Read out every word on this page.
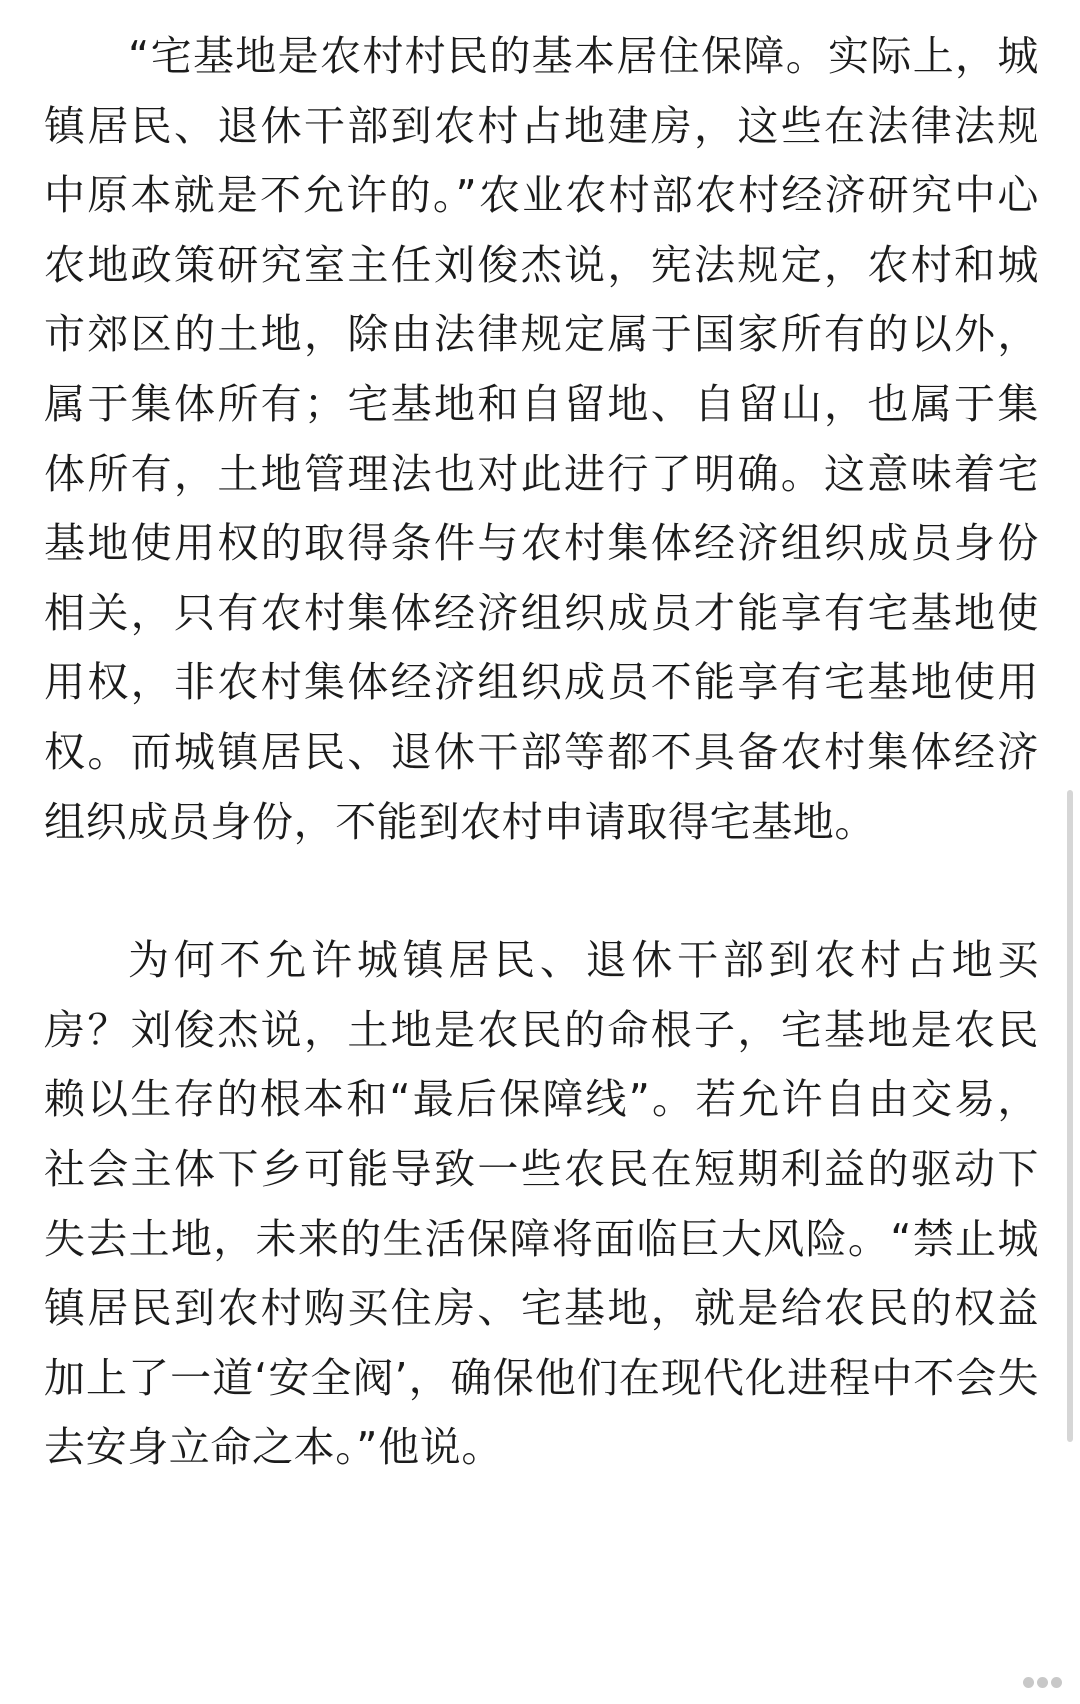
“宅基地是农村村民的基本居住保障。实际上，城镇居民、退休干部到农村占地建房，这些在法律法规中原本就是不允许的。”农业农村部农村经济研究中心农地政策研究室主任刘俊杰说，宪法规定，农村和城市郊区的土地，除由法律规定属于国家所有的以外，属于集体所有；宅基地和自留地、自留山，也属于集体所有，土地管理法也对此进行了明确。这意味着宅基地使用权的取得条件与农村集体经济组织成员身份相关，只有农村集体经济组织成员才能享有宅基地使用权，非农村集体经济组织成员不能享有宅基地使用权。而城镇居民、退休干部等都不具备农村集体经济组织成员身份，不能到农村申请取得宅基地。

为何不允许城镇居民、退休干部到农村占地买房？刘俊杰说，土地是农民的命根子，宅基地是农民赖以生存的根本和“最后保障线”。若允许自由交易，社会主体下乡可能导致一些农民在短期利益的驱动下失去土地，未来的生活保障将面临巨大风险。“禁止城镇居民到农村购买住房、宅基地，就是给农民的权益加上了一道‘安全阀’，确保他们在现代化进程中不会失去安身立命之本。”他说。
